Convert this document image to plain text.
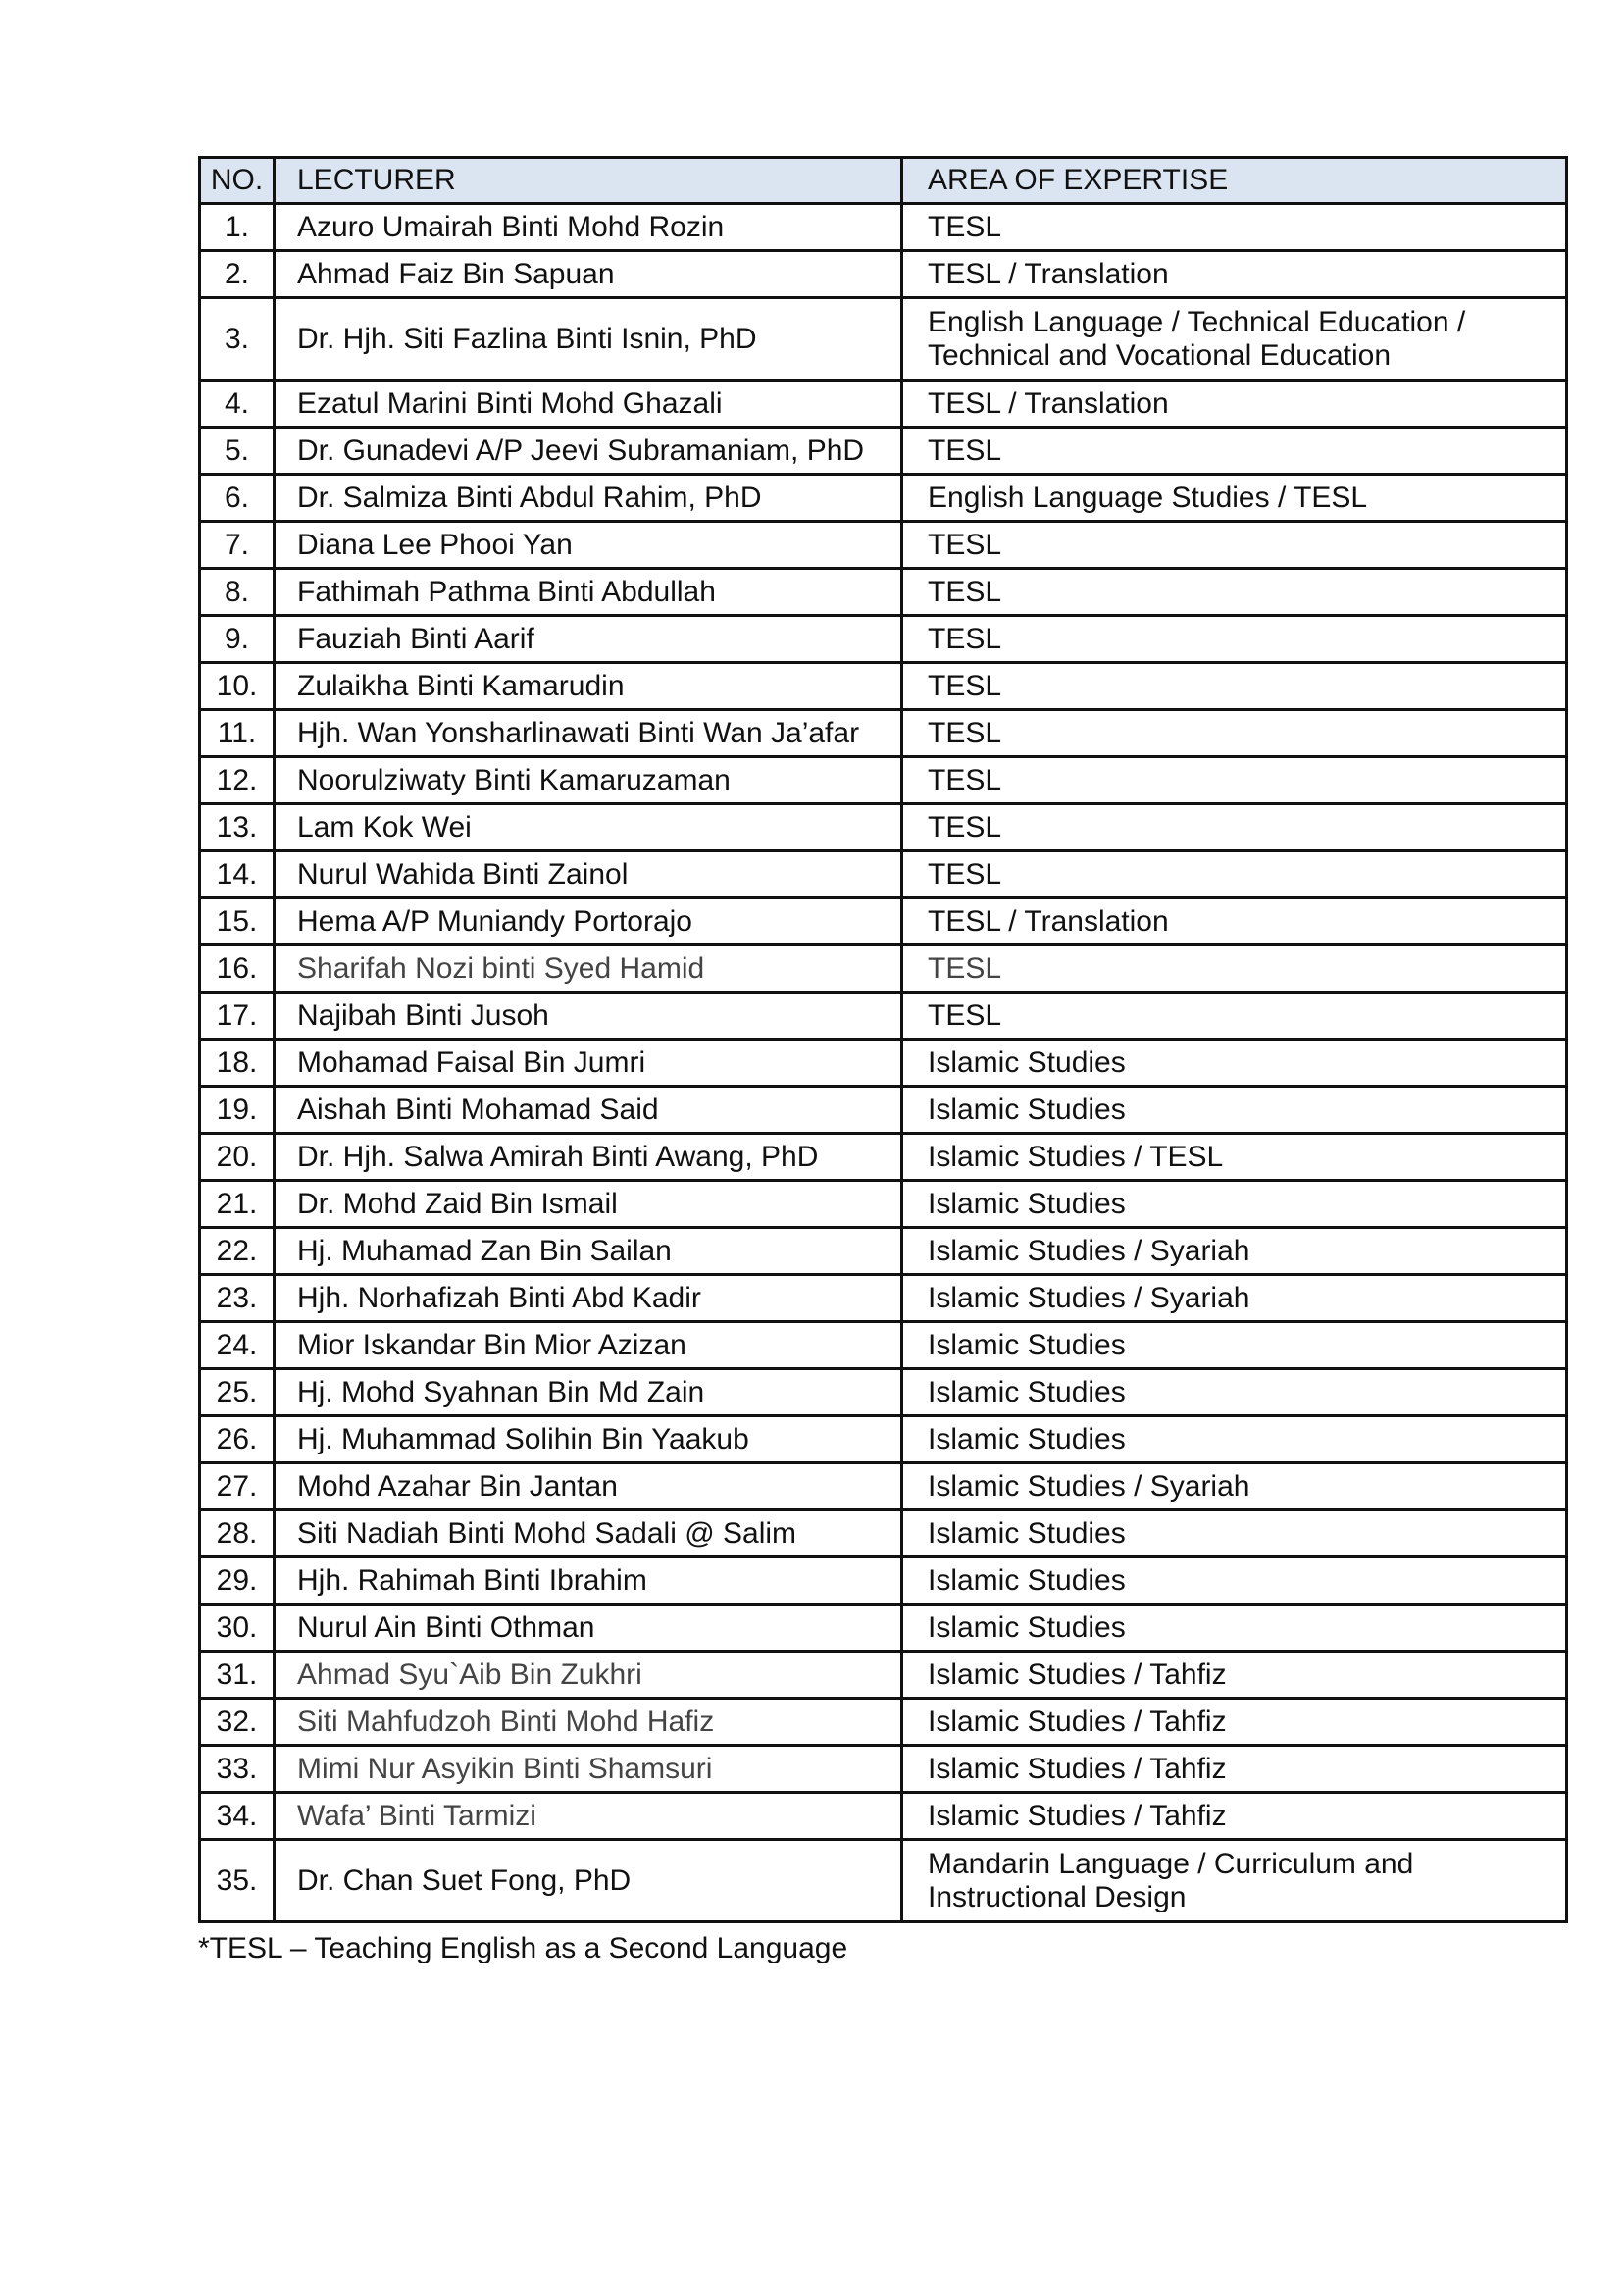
NO.	LECTURER	AREA OF EXPERTISE
1.	Azuro Umairah Binti Mohd Rozin	TESL
2.	Ahmad Faiz Bin Sapuan	TESL / Translation
3.	Dr. Hjh. Siti Fazlina Binti Isnin, PhD	English Language / Technical Education / Technical and Vocational Education
4.	Ezatul Marini Binti Mohd Ghazali	TESL / Translation
5.	Dr. Gunadevi A/P Jeevi Subramaniam, PhD	TESL
6.	Dr. Salmiza Binti Abdul Rahim, PhD	English Language Studies / TESL
7.	Diana Lee Phooi Yan	TESL
8.	Fathimah Pathma Binti Abdullah	TESL
9.	Fauziah Binti Aarif	TESL
10.	Zulaikha Binti Kamarudin	TESL
11.	Hjh. Wan Yonsharlinawati Binti Wan Ja’afar	TESL
12.	Noorulziwaty Binti Kamaruzaman	TESL
13.	Lam Kok Wei	TESL
14.	Nurul Wahida Binti Zainol	TESL
15.	Hema A/P Muniandy Portorajo	TESL / Translation
16.	Sharifah Nozi binti Syed Hamid	TESL
17.	Najibah Binti Jusoh	TESL
18.	Mohamad Faisal Bin Jumri	Islamic Studies
19.	Aishah Binti Mohamad Said	Islamic Studies
20.	Dr. Hjh. Salwa Amirah Binti Awang, PhD	Islamic Studies / TESL
21.	Dr. Mohd Zaid Bin Ismail	Islamic Studies
22.	Hj. Muhamad Zan Bin Sailan	Islamic Studies / Syariah
23.	Hjh. Norhafizah Binti Abd Kadir	Islamic Studies / Syariah
24.	Mior Iskandar Bin Mior Azizan	Islamic Studies
25.	Hj. Mohd Syahnan Bin Md Zain	Islamic Studies
26.	Hj. Muhammad Solihin Bin Yaakub	Islamic Studies
27.	Mohd Azahar Bin Jantan	Islamic Studies / Syariah
28.	Siti Nadiah Binti Mohd Sadali @ Salim	Islamic Studies
29.	Hjh. Rahimah Binti Ibrahim	Islamic Studies
30.	Nurul Ain Binti Othman	Islamic Studies
31.	Ahmad Syu`Aib Bin Zukhri	Islamic Studies / Tahfiz
32.	Siti Mahfudzoh Binti Mohd Hafiz	Islamic Studies / Tahfiz
33.	Mimi Nur Asyikin Binti Shamsuri	Islamic Studies / Tahfiz
34.	Wafa’ Binti Tarmizi	Islamic Studies / Tahfiz
35.	Dr. Chan Suet Fong, PhD	Mandarin Language / Curriculum and Instructional Design
*TESL – Teaching English as a Second Language
